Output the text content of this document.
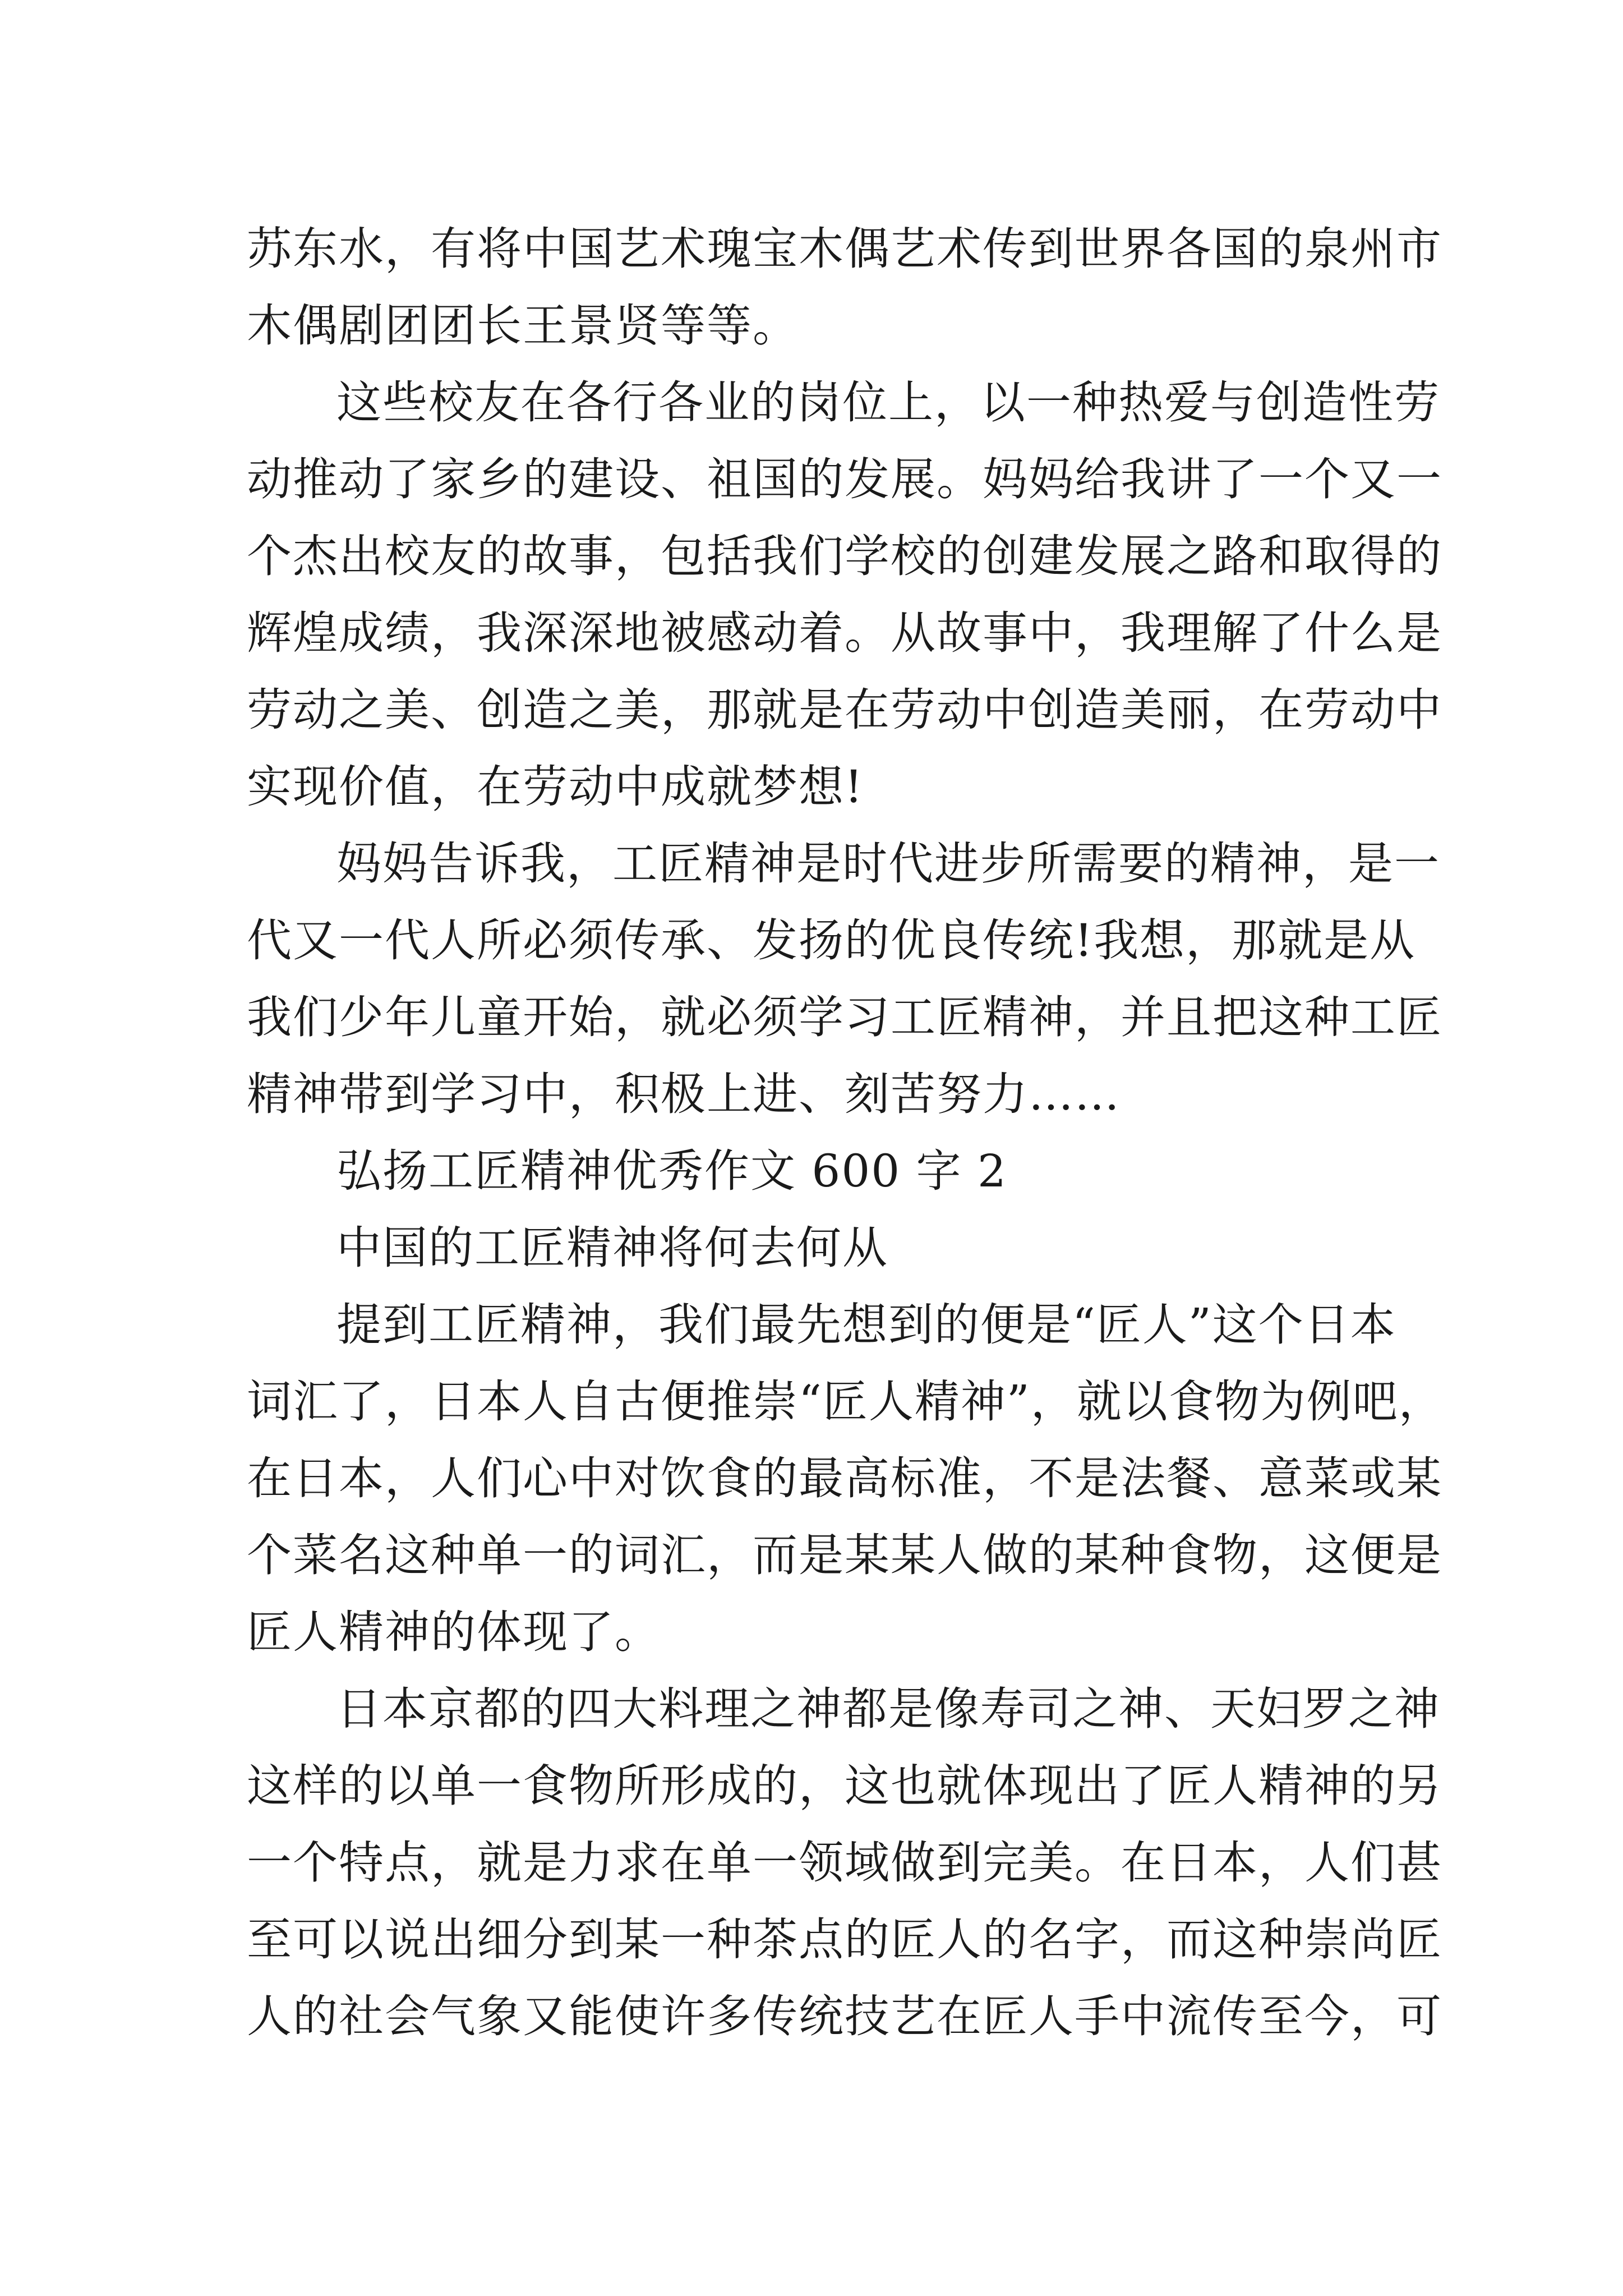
苏东水，有将中国艺术瑰宝木偶艺术传到世界各国的泉州市
木偶剧团团长王景贤等等。
这些校友在各行各业的岗位上，以一种热爱与创造性劳
动推动了家乡的建设、祖国的发展。妈妈给我讲了一个又一
个杰出校友的故事，包括我们学校的创建发展之路和取得的
辉煌成绩，我深深地被感动着。从故事中，我理解了什么是
劳动之美、创造之美，那就是在劳动中创造美丽，在劳动中
实现价值，在劳动中成就梦想!
妈妈告诉我，工匠精神是时代进步所需要的精神，是一
代又一代人所必须传承、发扬的优良传统!我想，那就是从
我们少年儿童开始，就必须学习工匠精神，并且把这种工匠
精神带到学习中，积极上进、刻苦努力……
弘扬工匠精神优秀作文 600 字 2
中国的工匠精神将何去何从
提到工匠精神，我们最先想到的便是“匠人”这个日本
词汇了，日本人自古便推崇“匠人精神”，就以食物为例吧，
在日本，人们心中对饮食的最高标准，不是法餐、意菜或某
个菜名这种单一的词汇，而是某某人做的某种食物，这便是
匠人精神的体现了。
日本京都的四大料理之神都是像寿司之神、天妇罗之神
这样的以单一食物所形成的，这也就体现出了匠人精神的另
一个特点，就是力求在单一领域做到完美。在日本，人们甚
至可以说出细分到某一种茶点的匠人的名字，而这种崇尚匠
人的社会气象又能使许多传统技艺在匠人手中流传至今，可
